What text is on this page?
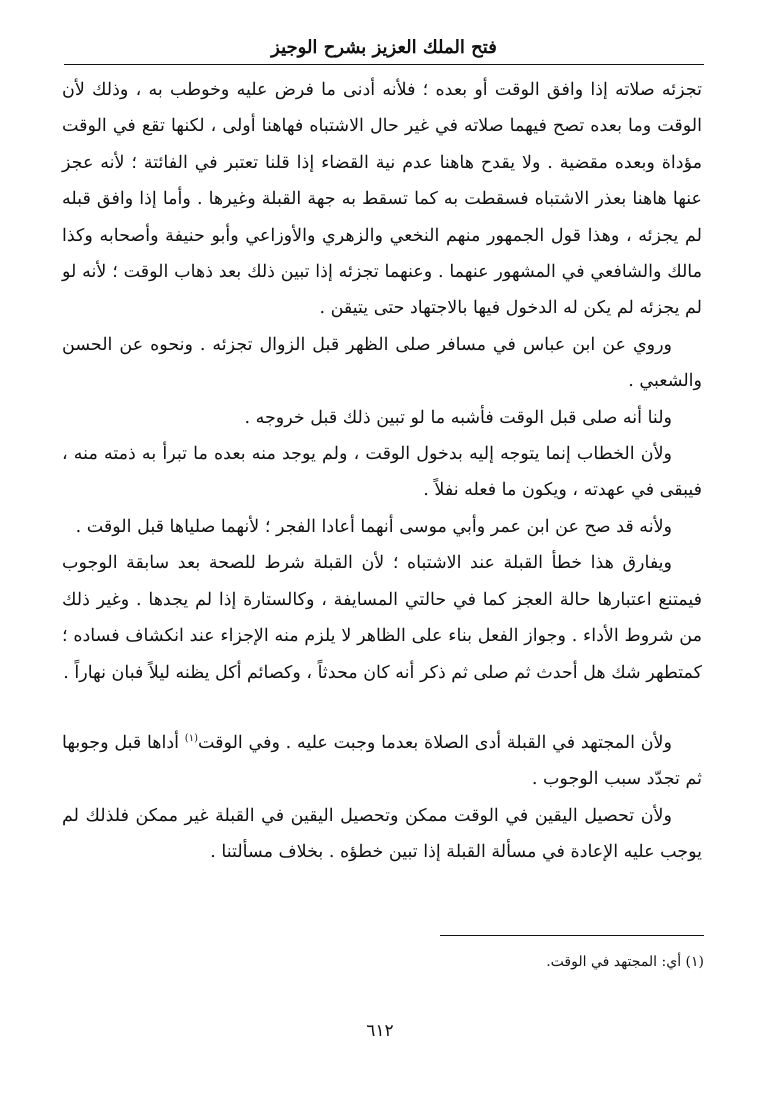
فتح الملك العزيز بشرح الوجيز

تجزئه صلاته إذا وافق الوقت أو بعده ؛ فلأنه أدنى ما فرض عليه وخوطب به ، وذلك لأن الوقت وما بعده تصح فيهما صلاته في غير حال الاشتباه فهاهنا أولى ، لكنها تقع في الوقت مؤداة وبعده مقضية . ولا يقدح هاهنا عدم نية القضاء إذا قلنا تعتبر في الفائتة ؛ لأنه عجز عنها هاهنا بعذر الاشتباه فسقطت به كما تسقط به جهة القبلة وغيرها . وأما إذا وافق قبله لم يجزئه ، وهذا قول الجمهور منهم النخعي والزهري والأوزاعي وأبو حنيفة وأصحابه وكذا مالك والشافعي في المشهور عنهما . وعنهما تجزئه إذا تبين ذلك بعد ذهاب الوقت ؛ لأنه لو لم يجزئه لم يكن له الدخول فيها بالاجتهاد حتى يتيقن .

وروي عن ابن عباس في مسافر صلى الظهر قبل الزوال تجزئه . ونحوه عن الحسن والشعبي .

ولنا أنه صلى قبل الوقت فأشبه ما لو تبين ذلك قبل خروجه .

ولأن الخطاب إنما يتوجه إليه بدخول الوقت ، ولم يوجد منه بعده ما تبرأ به ذمته منه ، فيبقى في عهدته ، ويكون ما فعله نفلاً .

ولأنه قد صح عن ابن عمر وأبي موسى أنهما أعادا الفجر ؛ لأنهما صلياها قبل الوقت .

ويفارق هذا خطأ القبلة عند الاشتباه ؛ لأن القبلة شرط للصحة بعد سابقة الوجوب فيمتنع اعتبارها حالة العجز كما في حالتي المسايفة ، وكالستارة إذا لم يجدها . وغير ذلك من شروط الأداء . وجواز الفعل بناء على الظاهر لا يلزم منه الإجزاء عند انكشاف فساده ؛ كمتطهر شك هل أحدث ثم صلى ثم ذكر أنه كان محدثاً ، وكصائم أكل يظنه ليلاً فبان نهاراً .

ولأن المجتهد في القبلة أدى الصلاة بعدما وجبت عليه . وفي الوقت$^{(١)}$ أداها قبل وجوبها ثم تجدّد سبب الوجوب .

ولأن تحصيل اليقين في الوقت ممكن وتحصيل اليقين في القبلة غير ممكن فلذلك لم يوجب عليه الإعادة في مسألة القبلة إذا تبين خطؤه . بخلاف مسألتنا .

(١) أي: المجتهد في الوقت.
٦١٢
